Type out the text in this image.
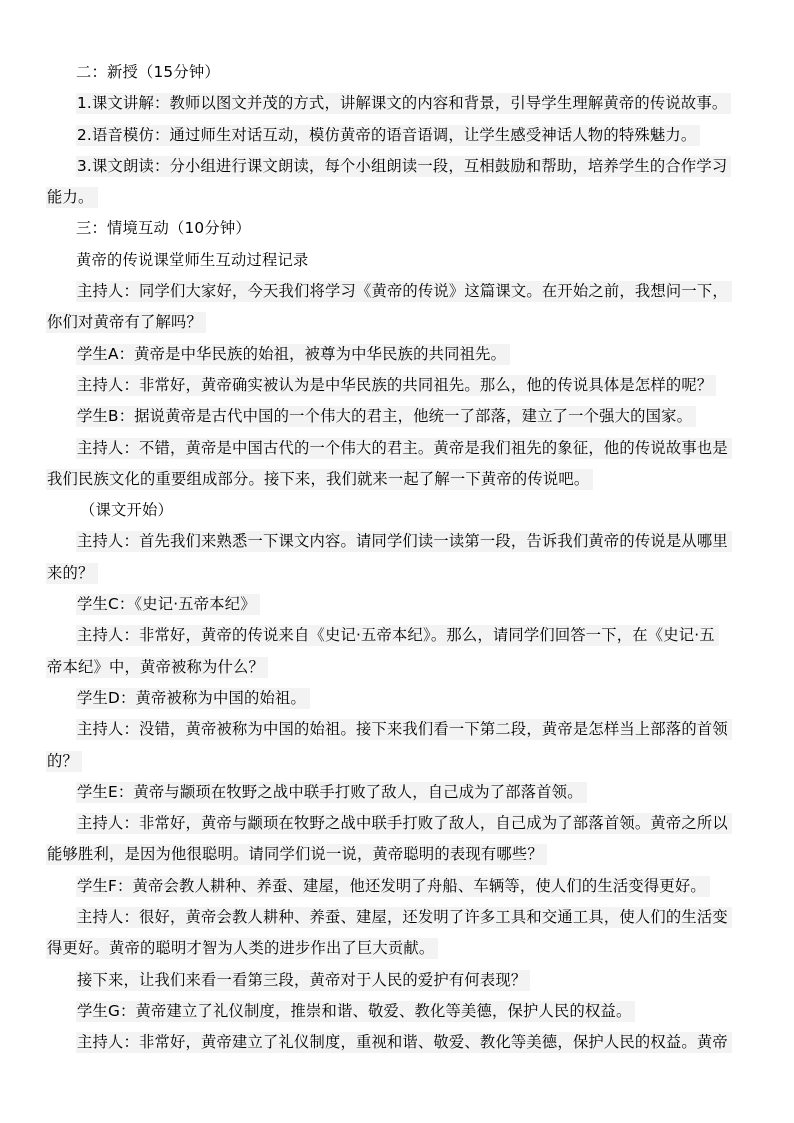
二：新授（15分钟）
1.课文讲解：教师以图文并茂的方式，讲解课文的内容和背景，引导学生理解黄帝的传说故事。
2.语音模仿：通过师生对话互动，模仿黄帝的语音语调，让学生感受神话人物的特殊魅力。
3.课文朗读：分小组进行课文朗读，每个小组朗读一段，互相鼓励和帮助，培养学生的合作学习
能力。
三：情境互动（10分钟）
黄帝的传说课堂师生互动过程记录
主持人：同学们大家好，今天我们将学习《黄帝的传说》这篇课文。在开始之前，我想问一下，
你们对黄帝有了解吗？
学生A：黄帝是中华民族的始祖，被尊为中华民族的共同祖先。
主持人：非常好，黄帝确实被认为是中华民族的共同祖先。那么，他的传说具体是怎样的呢？
学生B：据说黄帝是古代中国的一个伟大的君主，他统一了部落，建立了一个强大的国家。
主持人：不错，黄帝是中国古代的一个伟大的君主。黄帝是我们祖先的象征，他的传说故事也是
我们民族文化的重要组成部分。接下来，我们就来一起了解一下黄帝的传说吧。
（课文开始）
主持人：首先我们来熟悉一下课文内容。请同学们读一读第一段，告诉我们黄帝的传说是从哪里
来的？
学生C：《史记·五帝本纪》
主持人：非常好，黄帝的传说来自《史记·五帝本纪》。那么，请同学们回答一下，在《史记·五
帝本纪》中，黄帝被称为什么？
学生D：黄帝被称为中国的始祖。
主持人：没错，黄帝被称为中国的始祖。接下来我们看一下第二段，黄帝是怎样当上部落的首领
的？
学生E：黄帝与颛顼在牧野之战中联手打败了敌人，自己成为了部落首领。
主持人：非常好，黄帝与颛顼在牧野之战中联手打败了敌人，自己成为了部落首领。黄帝之所以
能够胜利，是因为他很聪明。请同学们说一说，黄帝聪明的表现有哪些？
学生F：黄帝会教人耕种、养蚕、建屋，他还发明了舟船、车辆等，使人们的生活变得更好。
主持人：很好，黄帝会教人耕种、养蚕、建屋，还发明了许多工具和交通工具，使人们的生活变
得更好。黄帝的聪明才智为人类的进步作出了巨大贡献。
接下来，让我们来看一看第三段，黄帝对于人民的爱护有何表现？
学生G：黄帝建立了礼仪制度，推崇和谐、敬爱、教化等美德，保护人民的权益。
主持人：非常好，黄帝建立了礼仪制度，重视和谐、敬爱、教化等美德，保护人民的权益。黄帝
